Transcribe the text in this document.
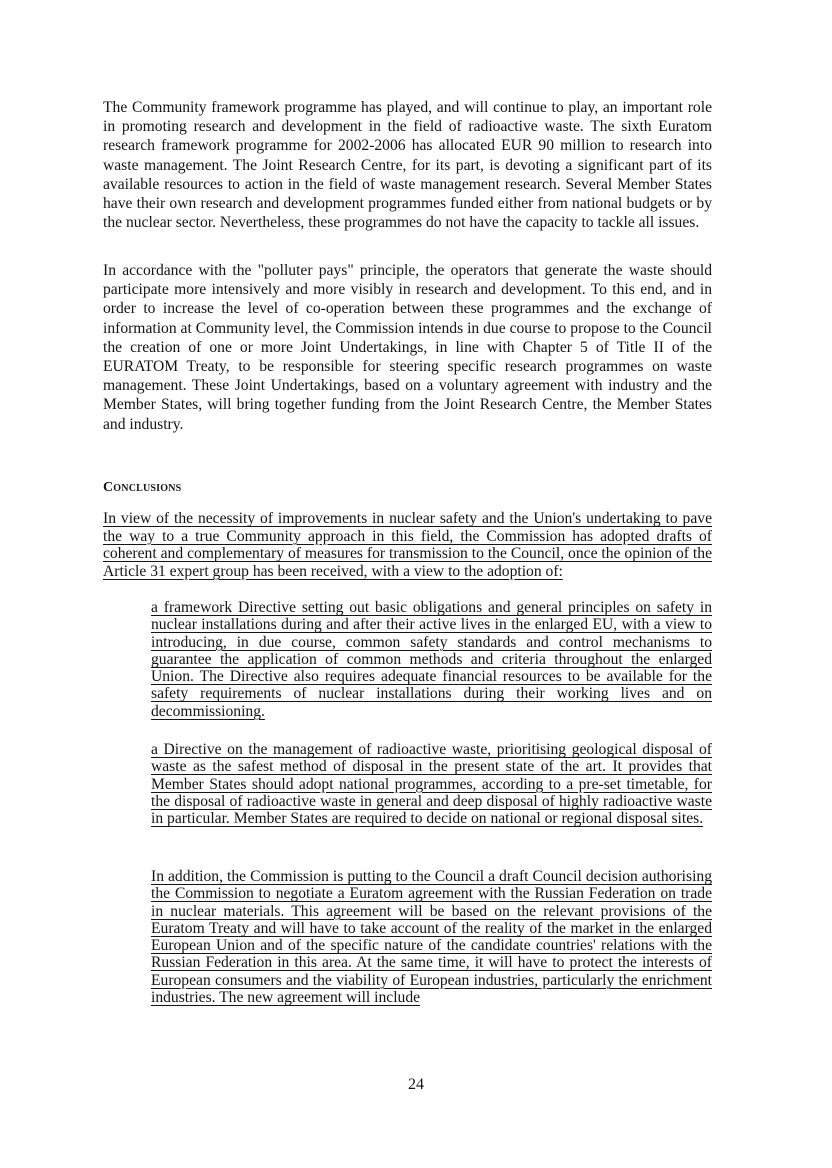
The Community framework programme has played, and will continue to play, an important role in promoting research and development in the field of radioactive waste. The sixth Euratom research framework programme for 2002-2006 has allocated EUR 90 million to research into waste management. The Joint Research Centre, for its part, is devoting a significant part of its available resources to action in the field of waste management research. Several Member States have their own research and development programmes funded either from national budgets or by the nuclear sector. Nevertheless, these programmes do not have the capacity to tackle all issues.

In accordance with the "polluter pays" principle, the operators that generate the waste should participate more intensively and more visibly in research and development. To this end, and in order to increase the level of co-operation between these programmes and the exchange of information at Community level, the Commission intends in due course to propose to the Council the creation of one or more Joint Undertakings, in line with Chapter 5 of Title II of the EURATOM Treaty, to be responsible for steering specific research programmes on waste management. These Joint Undertakings, based on a voluntary agreement with industry and the Member States, will bring together funding from the Joint Research Centre, the Member States and industry.

Conclusions

In view of the necessity of improvements in nuclear safety and the Union's undertaking to pave the way to a true Community approach in this field, the Commission has adopted drafts of coherent and complementary of measures for transmission to the Council, once the opinion of the Article 31 expert group has been received, with a view to the adoption of:

a framework Directive setting out basic obligations and general principles on safety in nuclear installations during and after their active lives in the enlarged EU, with a view to introducing, in due course, common safety standards and control mechanisms to guarantee the application of common methods and criteria throughout the enlarged Union. The Directive also requires adequate financial resources to be available for the safety requirements of nuclear installations during their working lives and on decommissioning.

a Directive on the management of radioactive waste, prioritising geological disposal of waste as the safest method of disposal in the present state of the art. It provides that Member States should adopt national programmes, according to a pre-set timetable, for the disposal of radioactive waste in general and deep disposal of highly radioactive waste in particular. Member States are required to decide on national or regional disposal sites.

In addition, the Commission is putting to the Council a draft Council decision authorising the Commission to negotiate a Euratom agreement with the Russian Federation on trade in nuclear materials. This agreement will be based on the relevant provisions of the Euratom Treaty and will have to take account of the reality of the market in the enlarged European Union and of the specific nature of the candidate countries' relations with the Russian Federation in this area. At the same time, it will have to protect the interests of European consumers and the viability of European industries, particularly the enrichment industries. The new agreement will include

24
